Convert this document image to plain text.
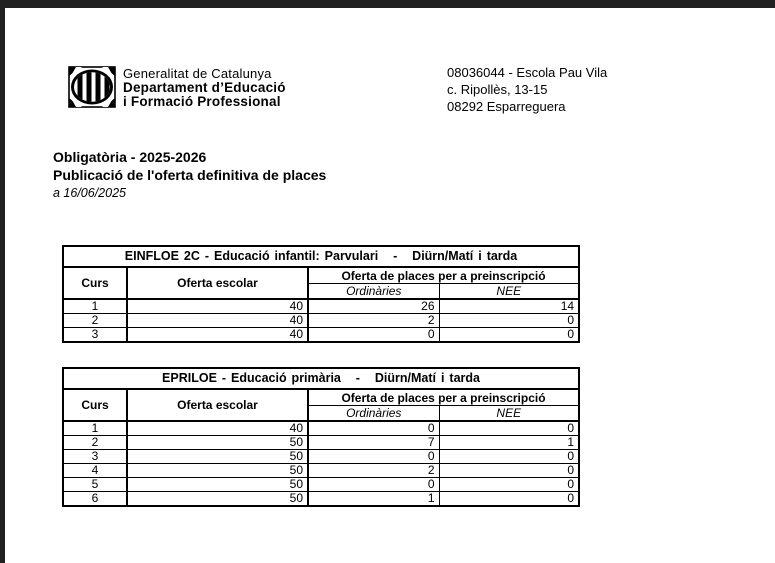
Generalitat de Catalunya
Departament d’Educació
i Formació Professional
08036044 - Escola Pau Vila
c. Ripollès, 13-15
08292 Esparreguera
Obligatòria - 2025-2026
Publicació de l'oferta definitiva de places
a 16/06/2025
EINFLOE 2C - Educació infantil: Parvulari   -   Diürn/Matí i tarda			
Curs	Oferta escolar	Oferta de places per a preinscripció	
		Ordinàries	NEE
1	40	26	14
2	40	2	0
3	40	0	0
EPRILOE - Educació primària   -   Diürn/Matí i tarda			
Curs	Oferta escolar	Oferta de places per a preinscripció	
		Ordinàries	NEE
1	40	0	0
2	50	7	1
3	50	0	0
4	50	2	0
5	50	0	0
6	50	1	0
